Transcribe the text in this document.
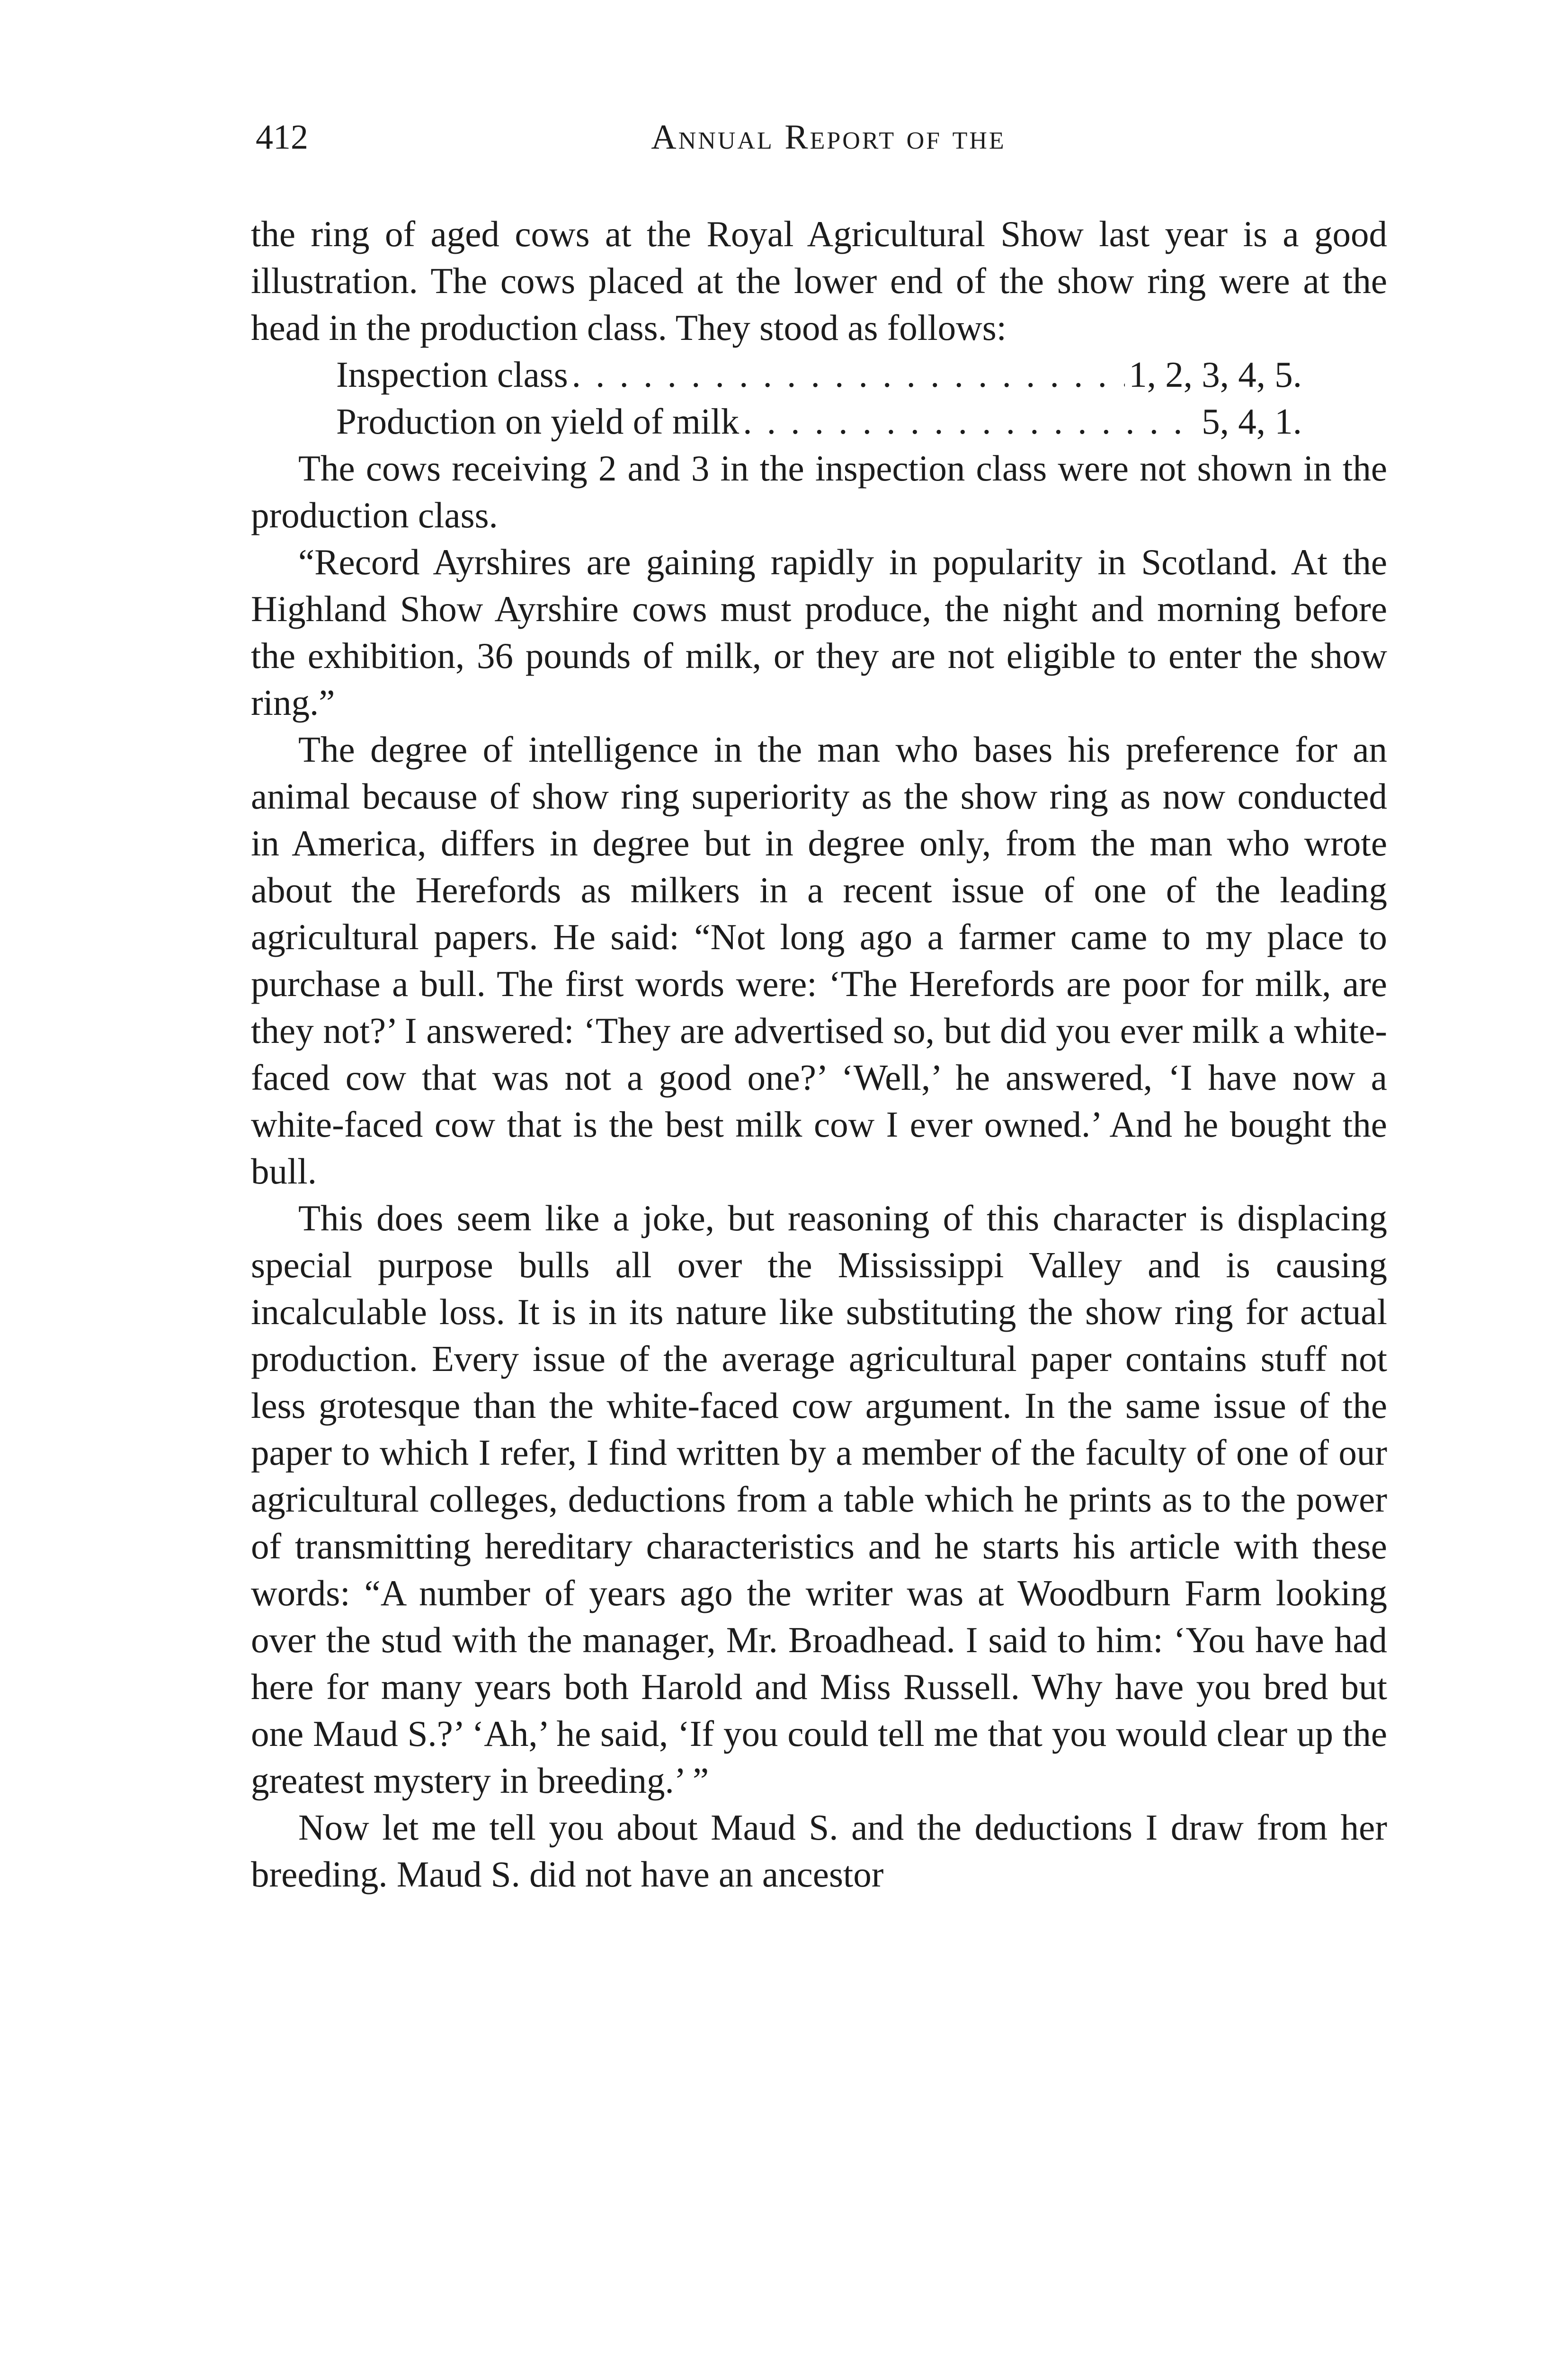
412	Annual Report of the

the ring of aged cows at the Royal Agricultural Show last year is a good illustration. The cows placed at the lower end of the show ring were at the head in the production class. They stood as follows:

Inspection class . . .	1, 2, 3, 4, 5.
Production on yield of milk . . .	5, 4, 1.

The cows receiving 2 and 3 in the inspection class were not shown in the production class.

“Record Ayrshires are gaining rapidly in popularity in Scotland. At the Highland Show Ayrshire cows must produce, the night and morning before the exhibition, 36 pounds of milk, or they are not eligible to enter the show ring.”

The degree of intelligence in the man who bases his preference for an animal because of show ring superiority as the show ring as now conducted in America, differs in degree but in degree only, from the man who wrote about the Herefords as milkers in a recent issue of one of the leading agricultural papers. He said: “Not long ago a farmer came to my place to purchase a bull. The first words were: ‘The Herefords are poor for milk, are they not?’ I answered: ‘They are advertised so, but did you ever milk a white-faced cow that was not a good one?’ ‘Well,’ he answered, ‘I have now a white-faced cow that is the best milk cow I ever owned.’ And he bought the bull.

This does seem like a joke, but reasoning of this character is displacing special purpose bulls all over the Mississippi Valley and is causing incalculable loss. It is in its nature like substituting the show ring for actual production. Every issue of the average agricultural paper contains stuff not less grotesque than the white-faced cow argument. In the same issue of the paper to which I refer, I find written by a member of the faculty of one of our agricultural colleges, deductions from a table which he prints as to the power of transmitting hereditary characteristics and he starts his article with these words: “A number of years ago the writer was at Woodburn Farm looking over the stud with the manager, Mr. Broadhead. I said to him: ‘You have had here for many years both Harold and Miss Russell. Why have you bred but one Maud S.?’ ‘Ah,’ he said, ‘If you could tell me that you would clear up the greatest mystery in breeding.’ ”

Now let me tell you about Maud S. and the deductions I draw from her breeding. Maud S. did not have an ancestor
